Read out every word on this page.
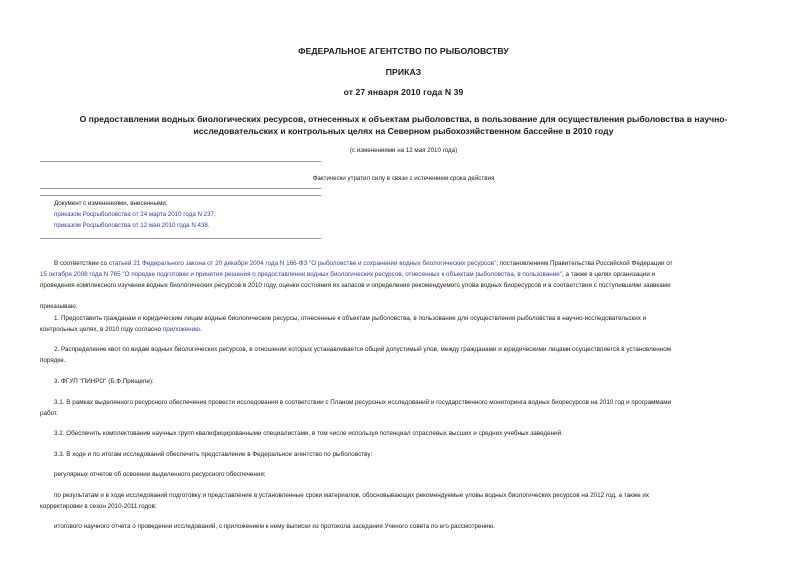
ФЕДЕРАЛЬНОЕ АГЕНТСТВО ПО РЫБОЛОВСТВУ
ПРИКАЗ
от 27 января 2010 года N 39
О предоставлении водных биологических ресурсов, отнесенных к объектам рыболовства, в пользование для осуществления рыболовства в научно-
исследовательских и контрольных целях на Северном рыбохозяйственном бассейне в 2010 году
(с изменениями на 12 мая 2010 года)
Фактически утратил силу в связи с истечением срока действия
Документ с изменениями, внесенными:
приказом Росрыболовства от 24 марта 2010 года N 237;
приказом Росрыболовства от 12 мая 2010 года N 438.
В соответствии со статьей 21 Федерального закона от 20 декабря 2004 года N 166-ФЗ "О рыболовстве и сохранении водных биологических ресурсов"; постановлением Правительства Российской Федерации от
15 октября 2008 года N 765 "О порядке подготовки и принятия решения о предоставлении водных биологических ресурсов, отнесенных к объектам рыболовства, в пользование", а также в целях организации и
проведения комплексного изучения водных биологических ресурсов в 2010 году, оценки состояния их запасов и определения рекомендуемого улова водных биоресурсов и в соответствии с поступившими заявками
приказываю:
1. Предоставить гражданам и юридическим лицам водные биологические ресурсы, отнесенные к объектам рыболовства, в пользование для осуществления рыболовства в научно-исследовательских и
контрольных целях, в 2010 году согласно приложению.
2. Распределение квот по видам водных биологических ресурсов, в отношении которых устанавливается общий допустимый улов, между гражданами и юридическими лицами осуществляется в установленном
порядке.
3. ФГУП "ПИНРО" (Б.Ф.Прищепе):
3.1. В рамках выделенного ресурсного обеспечения провести исследования в соответствии с Планом ресурсных исследований и государственного мониторинга водных биоресурсов на 2010 год и программами
работ.
3.2. Обеспечить комплектование научных групп квалифицированными специалистами, в том числе используя потенциал отраслевых высших и средних учебных заведений.
3.3. В ходе и по итогам исследований обеспечить представление в Федеральное агентство по рыболовству:
регулярных отчетов об освоении выделенного ресурсного обеспечения;
по результатам и в ходе исследований подготовку и представление в установленные сроки материалов, обосновывающих рекомендуемые уловы водных биологических ресурсов на 2012 год, а также их
корректировки в сезон 2010-2011 годов;
итогового научного отчета о проведении исследований, с приложением к нему выписки из протокола заседания Ученого совета по его рассмотрению.
